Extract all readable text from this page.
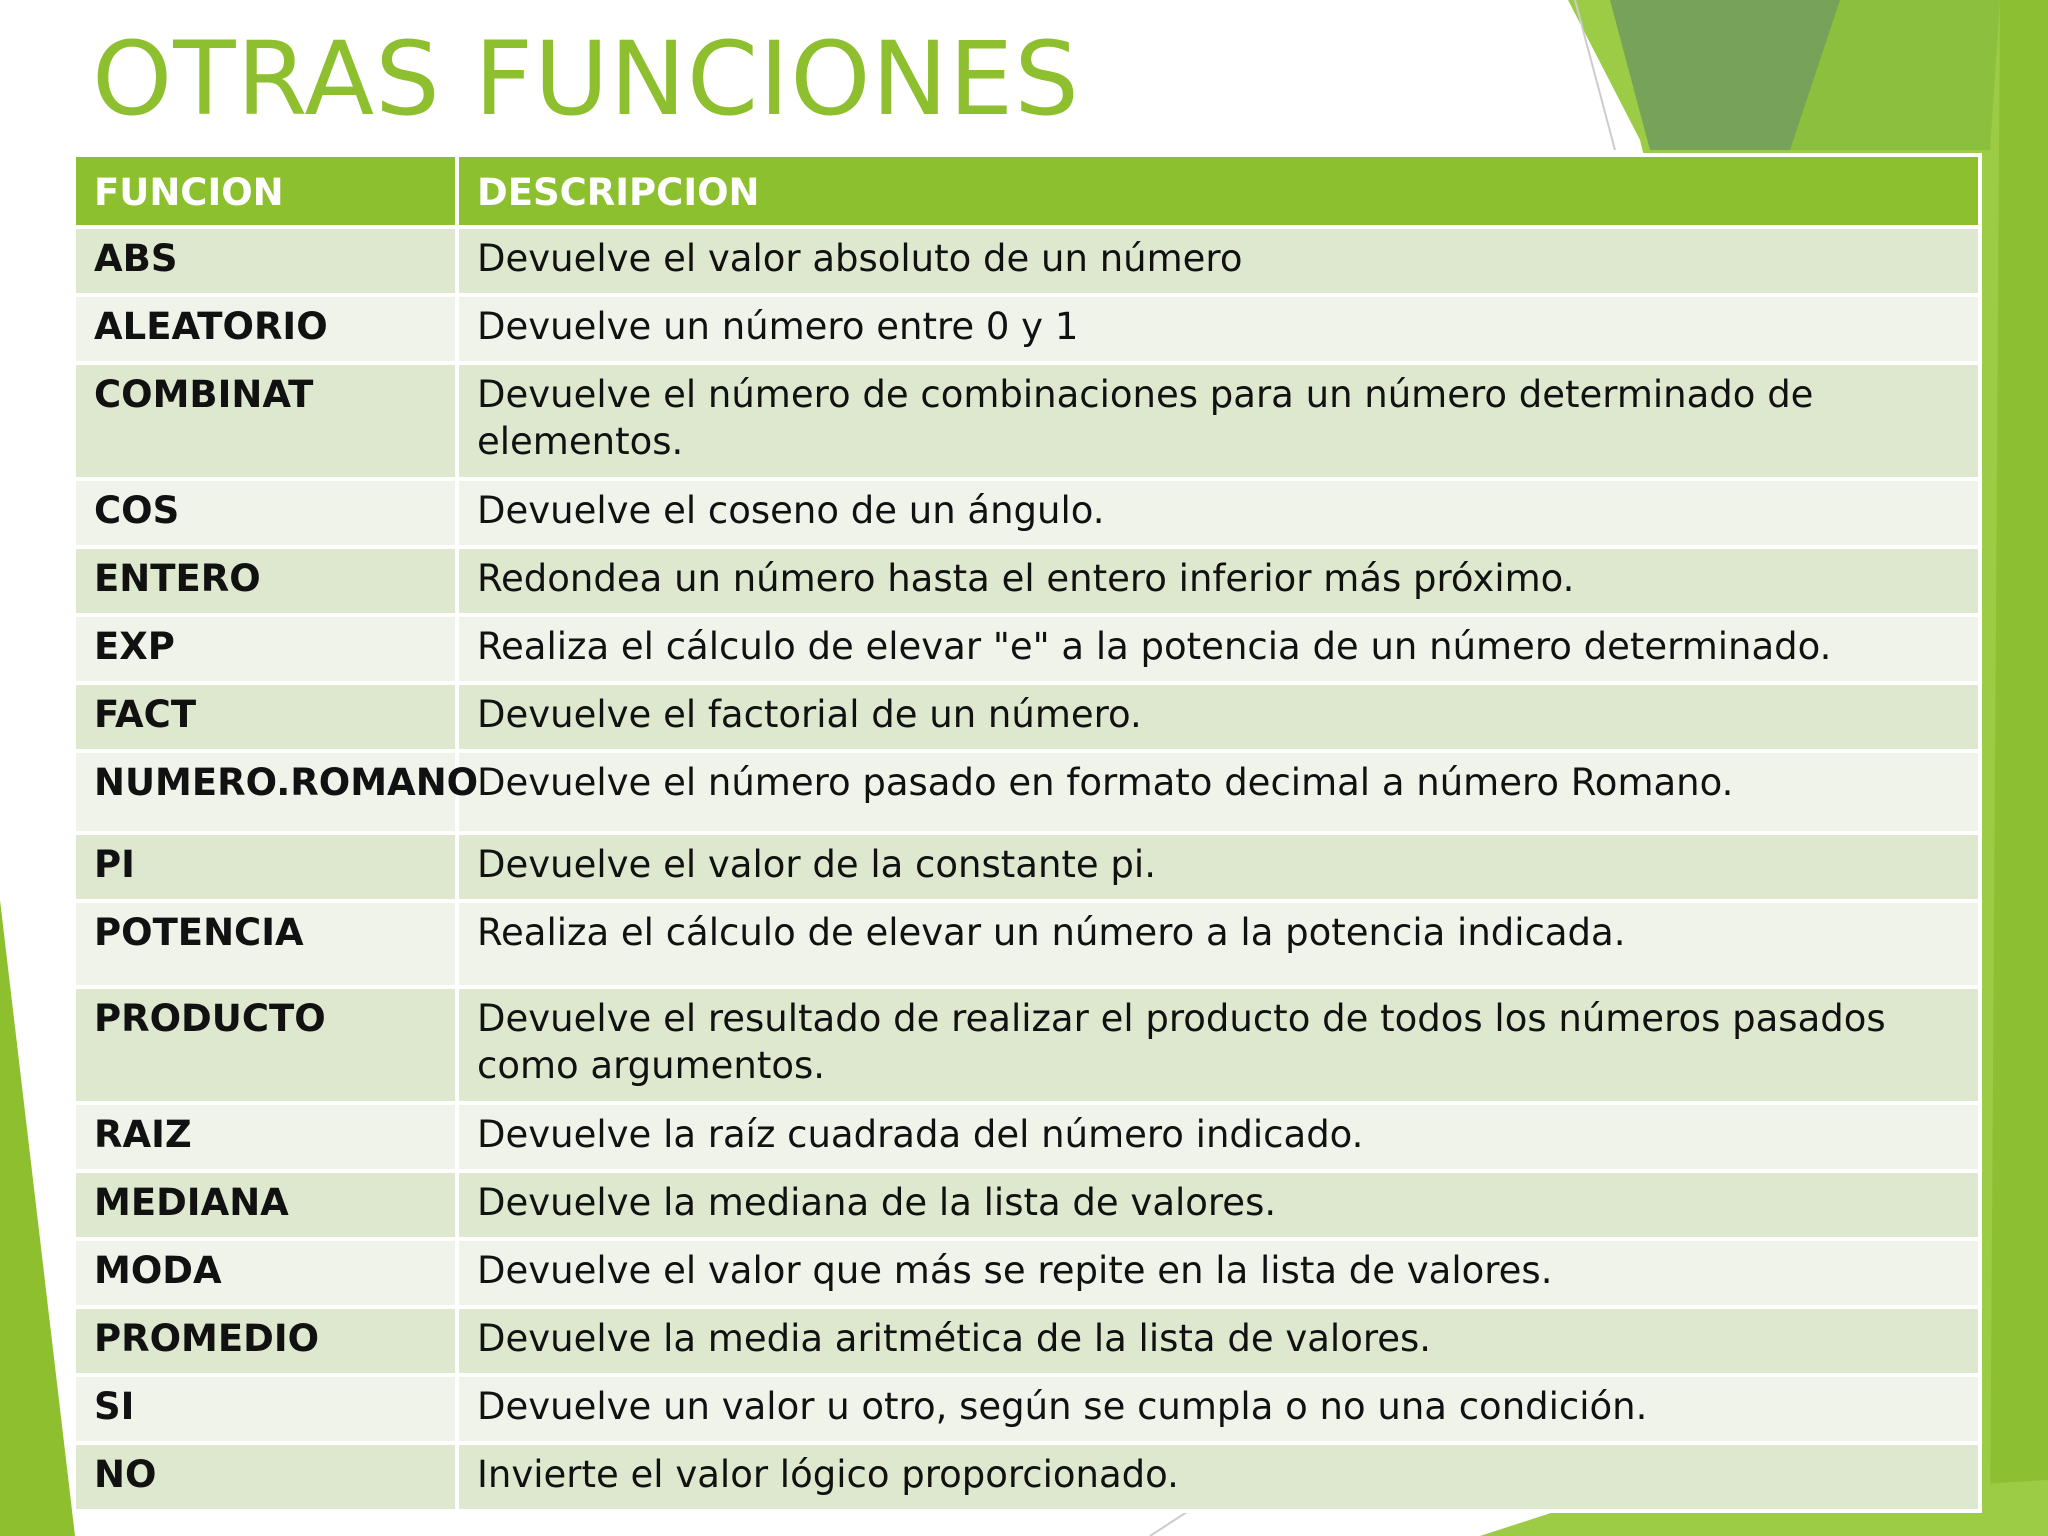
OTRAS FUNCIONES
FUNCION	DESCRIPCION
ABS	Devuelve el valor absoluto de un número
ALEATORIO	Devuelve un número entre 0 y 1
COMBINAT	Devuelve el número de combinaciones para un número determinado de elementos.
COS	Devuelve el coseno de un ángulo.
ENTERO	Redondea un número hasta el entero inferior más próximo.
EXP	Realiza el cálculo de elevar "e" a la potencia de un número determinado.
FACT	Devuelve el factorial de un número.
NUMERO.ROMANO	Devuelve el número pasado en formato decimal a número Romano.
PI	Devuelve el valor de la constante pi.
POTENCIA	Realiza el cálculo de elevar un número a la potencia indicada.
PRODUCTO	Devuelve el resultado de realizar el producto de todos los números pasados como argumentos.
RAIZ	Devuelve la raíz cuadrada del número indicado.
MEDIANA	Devuelve la mediana de la lista de valores.
MODA	Devuelve el valor que más se repite en la lista de valores.
PROMEDIO	Devuelve la media aritmética de la lista de valores.
SI	Devuelve un valor u otro, según se cumpla o no una condición.
NO	Invierte el valor lógico proporcionado.
